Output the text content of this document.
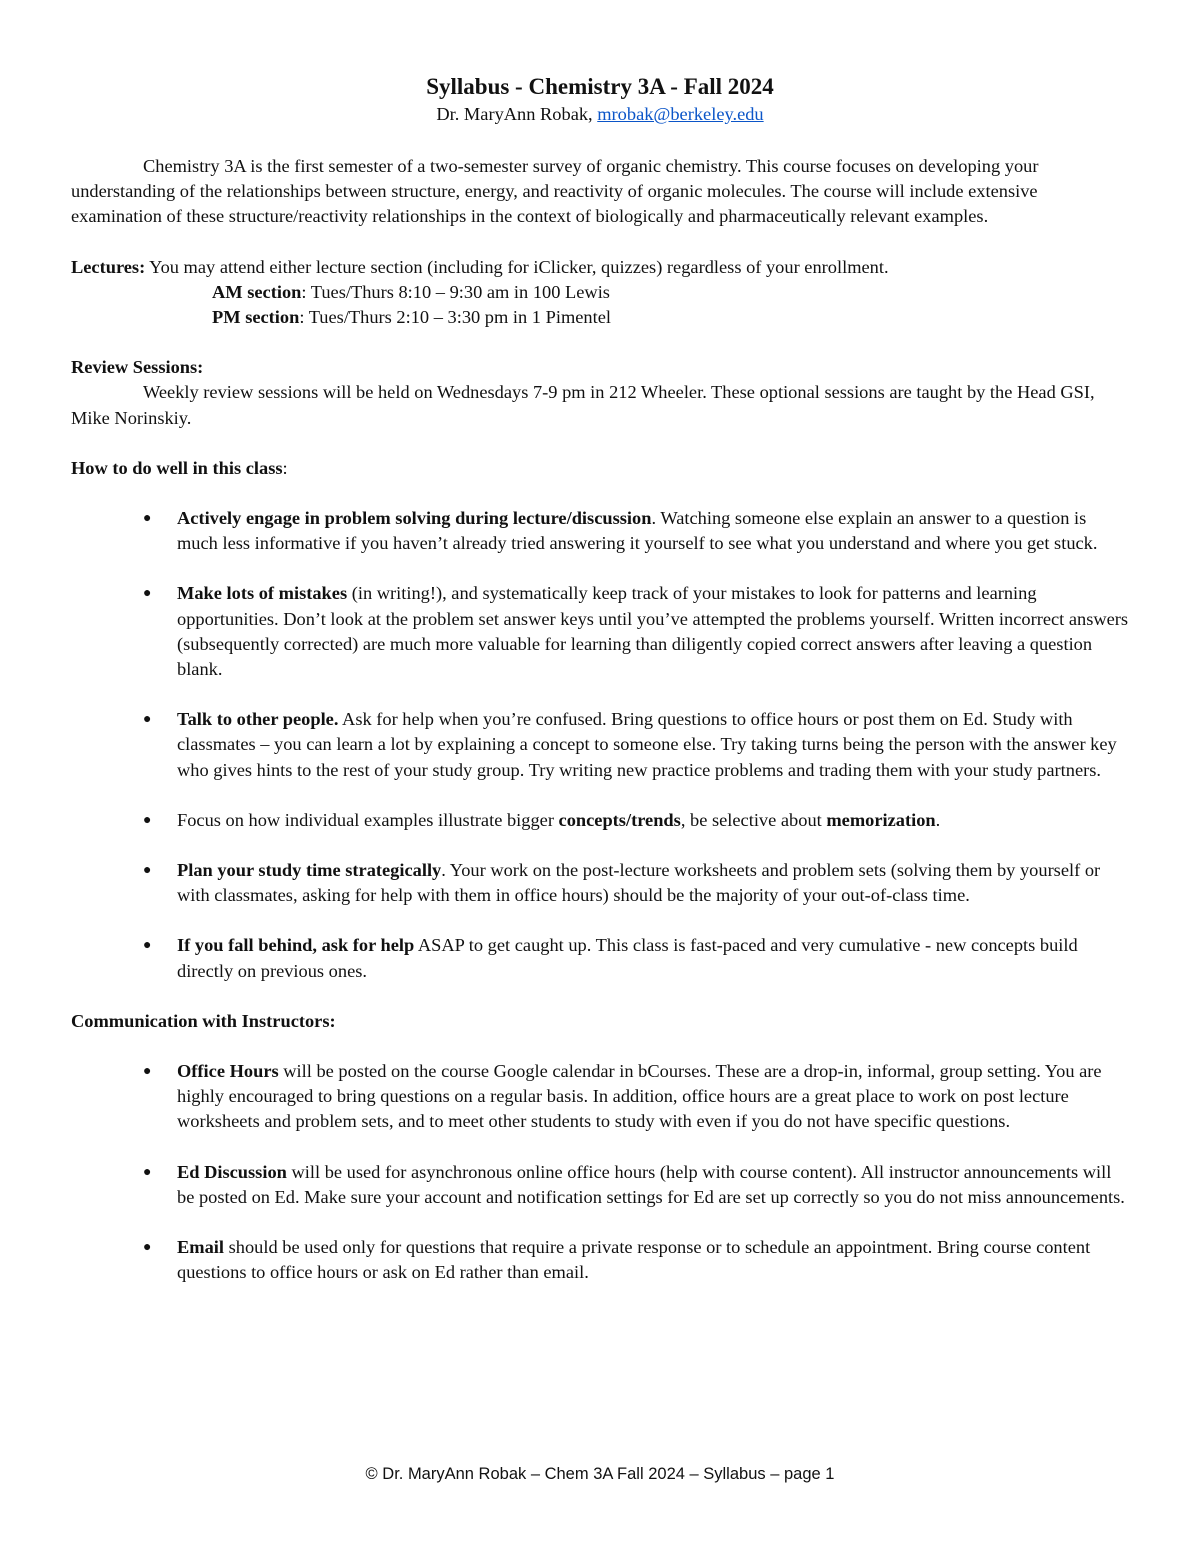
Syllabus - Chemistry 3A - Fall 2024

Dr. MaryAnn Robak, mrobak@berkeley.edu

Chemistry 3A is the first semester of a two-semester survey of organic chemistry. This course focuses on developing your understanding of the relationships between structure, energy, and reactivity of organic molecules. The course will include extensive examination of these structure/reactivity relationships in the context of biologically and pharmaceutically relevant examples.

Lectures: You may attend either lecture section (including for iClicker, quizzes) regardless of your enrollment.

AM section: Tues/Thurs 8:10 – 9:30 am in 100 Lewis

PM section: Tues/Thurs 2:10 – 3:30 pm in 1 Pimentel

Review Sessions:

Weekly review sessions will be held on Wednesdays 7-9 pm in 212 Wheeler. These optional sessions are taught by the Head GSI, Mike Norinskiy.

How to do well in this class:

● Actively engage in problem solving during lecture/discussion. Watching someone else explain an answer to a question is much less informative if you haven’t already tried answering it yourself to see what you understand and where you get stuck.
● Make lots of mistakes (in writing!), and systematically keep track of your mistakes to look for patterns and learning opportunities. Don’t look at the problem set answer keys until you’ve attempted the problems yourself. Written incorrect answers (subsequently corrected) are much more valuable for learning than diligently copied correct answers after leaving a question blank.
● Talk to other people. Ask for help when you’re confused. Bring questions to office hours or post them on Ed. Study with classmates – you can learn a lot by explaining a concept to someone else. Try taking turns being the person with the answer key who gives hints to the rest of your study group. Try writing new practice problems and trading them with your study partners.
● Focus on how individual examples illustrate bigger concepts/trends, be selective about memorization.
● Plan your study time strategically. Your work on the post-lecture worksheets and problem sets (solving them by yourself or with classmates, asking for help with them in office hours) should be the majority of your out-of-class time.
● If you fall behind, ask for help ASAP to get caught up. This class is fast-paced and very cumulative - new concepts build directly on previous ones.

Communication with Instructors:

● Office Hours will be posted on the course Google calendar in bCourses. These are a drop-in, informal, group setting. You are highly encouraged to bring questions on a regular basis. In addition, office hours are a great place to work on post lecture worksheets and problem sets, and to meet other students to study with even if you do not have specific questions.
● Ed Discussion will be used for asynchronous online office hours (help with course content). All instructor announcements will be posted on Ed. Make sure your account and notification settings for Ed are set up correctly so you do not miss announcements.
● Email should be used only for questions that require a private response or to schedule an appointment. Bring course content questions to office hours or ask on Ed rather than email.
© Dr. MaryAnn Robak – Chem 3A Fall 2024 – Syllabus – page 1
